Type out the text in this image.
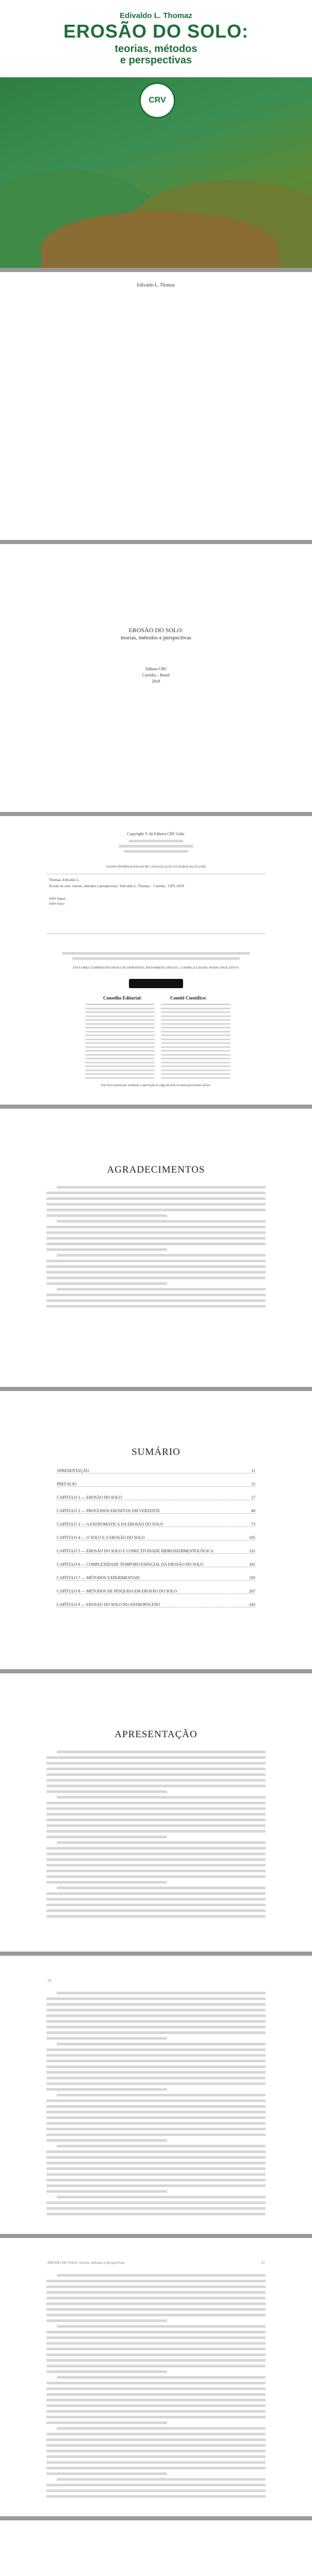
Edivaldo L. Thomaz
EROSÃO DO SOLO:
teorias, métodos
e perspectivas
CRV
Edivaldo L. Thomaz
EROSÃO DO SOLO:
teorias, métodos e perspectivas
Editora CRV
Curitiba – Brasil
2019
Copyright © da Editora CRV Ltda.
DADOS INTERNACIONAIS DE CATALOGAÇÃO NA PUBLICAÇÃO (CIP)
Thomaz, Edivaldo L.
Erosão do solo: teorias, métodos e perspectivas / Edivaldo L. Thomaz – Curitiba : CRV, 2019.
ISBN Digital
ISBN Físico
ESTA OBRA TAMBÉM ENCONTRA-SE DISPONÍVEL EM FORMATO DIGITAL. CONHEÇA E BAIXE NOSSO APLICATIVO!
Conselho Editorial:	Comitê Científico:
Este livro passou por avaliação e aprovação às cegas de dois ou mais pareceristas ad hoc.
AGRADECIMENTOS
SUMÁRIO
APRESENTAÇÃO	11
PREFÁCIO	15
CAPÍTULO 1 — EROSÃO DO SOLO	17
CAPÍTULO 2 — PROCESSOS EROSIVOS EM VERTENTE	49
CAPÍTULO 3 — A EXOSOMÁTICA DA EROSÃO DO SOLO	73
CAPÍTULO 4 — O SOLO E A EROSÃO DO SOLO	105
CAPÍTULO 5 — EROSÃO DO SOLO E CONECTIVIDADE HIDROSEDIMENTOLÓGICA	131
CAPÍTULO 6 — COMPLEXIDADE TEMPORO-ESPACIAL DA EROSÃO DO SOLO	161
CAPÍTULO 7 — MÉTODOS EXPERIMENTAIS	183
CAPÍTULO 8 — MÉTODOS DE PESQUISA EM EROSÃO DO SOLO	207
CAPÍTULO 9 — EROSÃO DO SOLO NO ANTROPOCENO	243
APRESENTAÇÃO
14
EROSÃO DO SOLO: teorias, métodos e perspectivas	13
